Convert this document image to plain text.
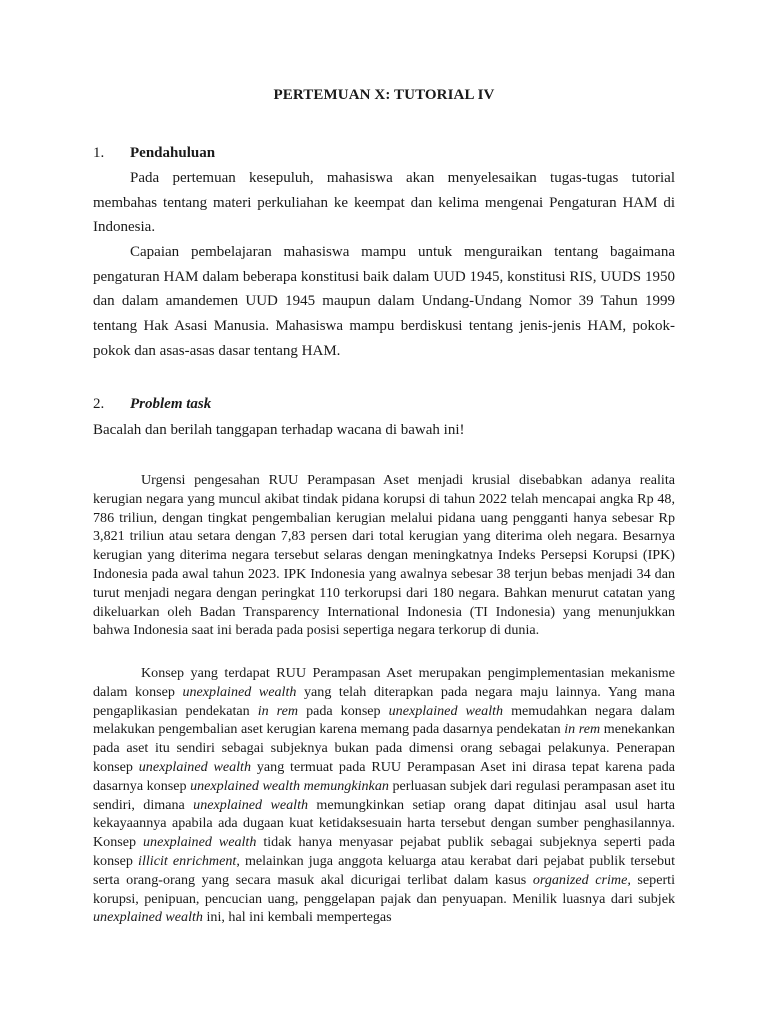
PERTEMUAN X: TUTORIAL IV
1. Pendahuluan

Pada pertemuan kesepuluh, mahasiswa akan menyelesaikan tugas-tugas tutorial membahas tentang materi perkuliahan ke keempat dan kelima mengenai Pengaturan HAM di Indonesia.

Capaian pembelajaran mahasiswa mampu untuk menguraikan tentang bagaimana pengaturan HAM dalam beberapa konstitusi baik dalam UUD 1945, konstitusi RIS, UUDS 1950 dan dalam amandemen UUD 1945 maupun dalam Undang-Undang Nomor 39 Tahun 1999 tentang Hak Asasi Manusia. Mahasiswa mampu berdiskusi tentang jenis-jenis HAM, pokok-pokok dan asas-asas dasar tentang HAM.

2. Problem task

Bacalah dan berilah tanggapan terhadap wacana di bawah ini!

Urgensi pengesahan RUU Perampasan Aset menjadi krusial disebabkan adanya realita kerugian negara yang muncul akibat tindak pidana korupsi di tahun 2022 telah mencapai angka Rp 48, 786 triliun, dengan tingkat pengembalian kerugian melalui pidana uang pengganti hanya sebesar Rp 3,821 triliun atau setara dengan 7,83 persen dari total kerugian yang diterima oleh negara. Besarnya kerugian yang diterima negara tersebut selaras dengan meningkatnya Indeks Persepsi Korupsi (IPK) Indonesia pada awal tahun 2023. IPK Indonesia yang awalnya sebesar 38 terjun bebas menjadi 34 dan turut menjadi negara dengan peringkat 110 terkorupsi dari 180 negara. Bahkan menurut catatan yang dikeluarkan oleh Badan Transparency International Indonesia (TI Indonesia) yang menunjukkan bahwa Indonesia saat ini berada pada posisi sepertiga negara terkorup di dunia.

Konsep yang terdapat RUU Perampasan Aset merupakan pengimplementasian mekanisme dalam konsep unexplained wealth yang telah diterapkan pada negara maju lainnya. Yang mana pengaplikasian pendekatan in rem pada konsep unexplained wealth memudahkan negara dalam melakukan pengembalian aset kerugian karena memang pada dasarnya pendekatan in rem menekankan pada aset itu sendiri sebagai subjeknya bukan pada dimensi orang sebagai pelakunya. Penerapan konsep unexplained wealth yang termuat pada RUU Perampasan Aset ini dirasa tepat karena pada dasarnya konsep unexplained wealth memungkinkan perluasan subjek dari regulasi perampasan aset itu sendiri, dimana unexplained wealth memungkinkan setiap orang dapat ditinjau asal usul harta kekayaannya apabila ada dugaan kuat ketidaksesuain harta tersebut dengan sumber penghasilannya. Konsep unexplained wealth tidak hanya menyasar pejabat publik sebagai subjeknya seperti pada konsep illicit enrichment, melainkan juga anggota keluarga atau kerabat dari pejabat publik tersebut serta orang-orang yang secara masuk akal dicurigai terlibat dalam kasus organized crime, seperti korupsi, penipuan, pencucian uang, penggelapan pajak dan penyuapan. Menilik luasnya dari subjek unexplained wealth ini, hal ini kembali mempertegas
